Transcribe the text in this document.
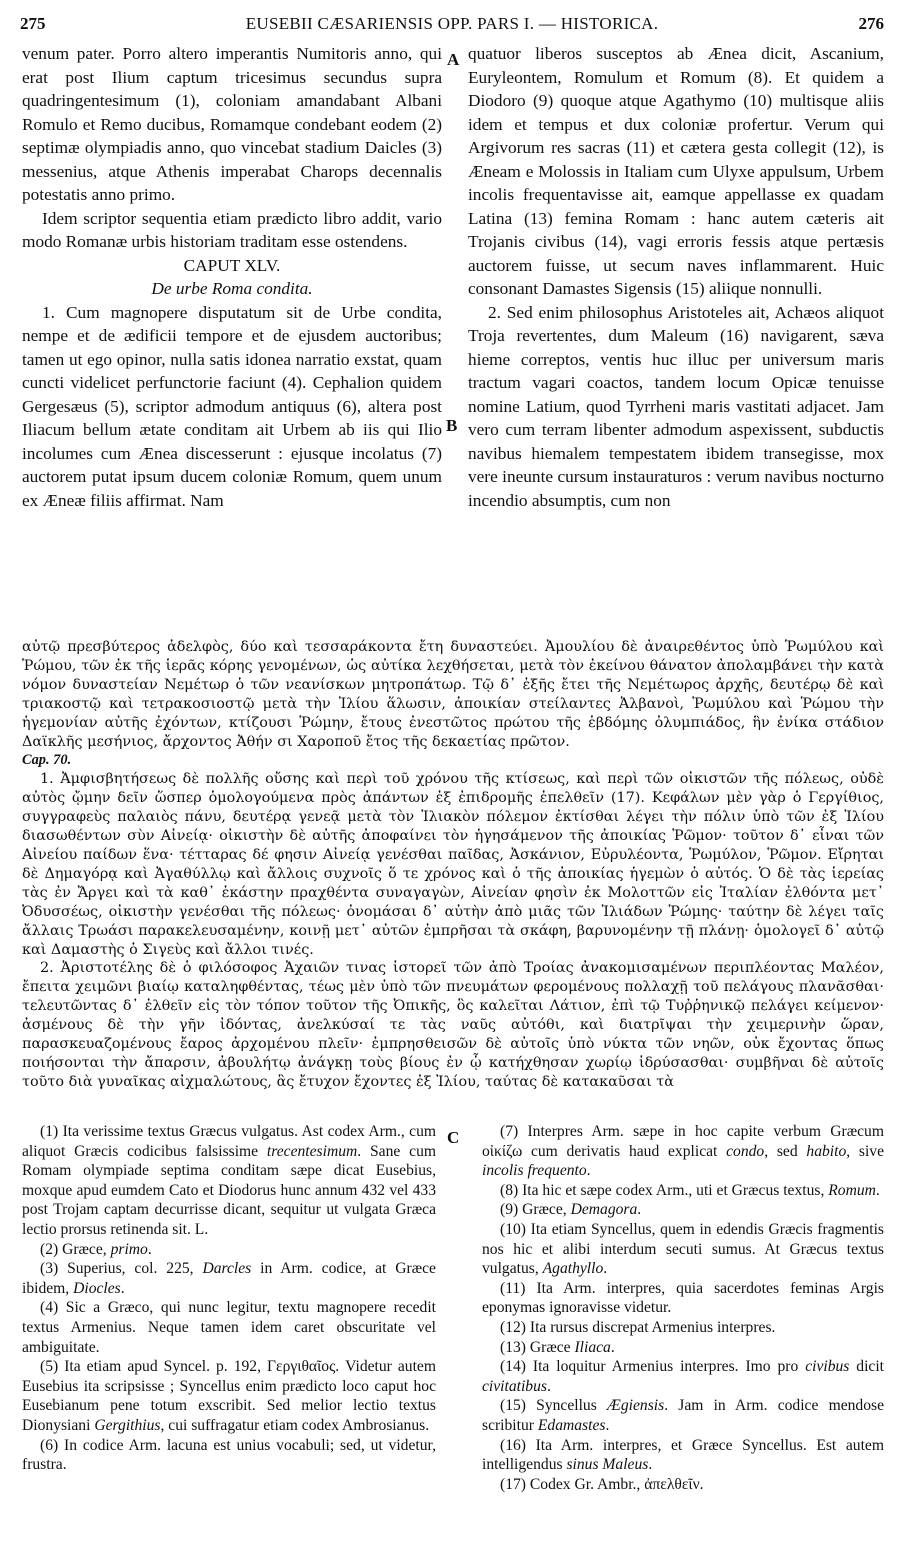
275	EUSEBII CÆSARIENSIS OPP. PARS I. — HISTORICA.	276
A
B
C

venum pater. Porro altero imperantis Numitoris anno, qui erat post Ilium captum tricesimus secundus supra quadringentesimum (1), coloniam amandabant Albani Romulo et Remo ducibus, Romamque condebant eodem (2) septimæ olympiadis anno, quo vincebat stadium Daicles (3) messenius, atque Athenis imperabat Charops decennalis potestatis anno primo.

Idem scriptor sequentia etiam prædicto libro addit, vario modo Romanæ urbis historiam traditam esse ostendens.

CAPUT XLV.

De urbe Roma condita.

1. Cum magnopere disputatum sit de Urbe condita, nempe et de ædificii tempore et de ejusdem auctoribus; tamen ut ego opinor, nulla satis idonea narratio exstat, quam cuncti videlicet perfunctorie faciunt (4). Cephalion quidem Gergesæus (5), scriptor admodum antiquus (6), altera post Iliacum bellum ætate conditam ait Urbem ab iis qui Ilio incolumes cum Ænea discesserunt : ejusque incolatus (7) auctorem putat ipsum ducem coloniæ Romum, quem unum ex Æneæ filiis affirmat. Nam

quatuor liberos susceptos ab Ænea dicit, Ascanium, Euryleontem, Romulum et Romum (8). Et quidem a Diodoro (9) quoque atque Agathymo (10) multisque aliis idem et tempus et dux coloniæ profertur. Verum qui Argivorum res sacras (11) et cætera gesta collegit (12), is Æneam e Molossis in Italiam cum Ulyxe appulsum, Urbem incolis frequentavisse ait, eamque appellasse ex quadam Latina (13) femina Romam : hanc autem cæteris ait Trojanis civibus (14), vagi erroris fessis atque pertæsis auctorem fuisse, ut secum naves inflammarent. Huic consonant Damastes Sigensis (15) aliique nonnulli.

2. Sed enim philosophus Aristoteles ait, Achæos aliquot Troja revertentes, dum Maleum (16) navigarent, sæva hieme correptos, ventis huc illuc per universum maris tractum vagari coactos, tandem locum Opicæ tenuisse nomine Latium, quod Tyrrheni maris vastitati adjacet. Jam vero cum terram libenter admodum aspexissent, subductis navibus hiemalem tempestatem ibidem transegisse, mox vere ineunte cursum instauraturos : verum navibus nocturno incendio absumptis, cum non

αὐτῷ πρεσβύτερος ἀδελφὸς, δύο καὶ τεσσαράκοντα ἔτη δυναστεύει. Ἀμουλίου δὲ ἀναιρεθέντος ὑπὸ Ῥωμύλου καὶ Ῥώμου, τῶν ἐκ τῆς ἱερᾶς κόρης γενομένων, ὡς αὐτίκα λεχθήσεται, μετὰ τὸν ἐκείνου θάνατον ἀπολαμβάνει τὴν κατὰ νόμον δυναστείαν Νεμέτωρ ὁ τῶν νεανίσκων μητροπάτωρ. Τῷ δ᾽ ἑξῆς ἔτει τῆς Νεμέτωρος ἀρχῆς, δευτέρῳ δὲ καὶ τριακοστῷ καὶ τετρακοσιοστῷ μετὰ τὴν Ἰλίου ἅλωσιν, ἀποικίαν στείλαντες Ἀλβανοὶ, Ῥωμύλου καὶ Ῥώμου τὴν ἡγεμονίαν αὐτῆς ἐχόντων, κτίζουσι Ῥώμην, ἔτους ἐνεστῶτος πρώτου τῆς ἑβδόμης ὀλυμπιάδος, ἣν ἐνίκα στάδιον Δαϊκλῆς μεσήνιος, ἄρχοντος Ἀθήν σι Χαροποῦ ἔτος τῆς δεκαετίας πρῶτον.

Cap. 70.

1. Ἀμφισβητήσεως δὲ πολλῆς οὔσης καὶ περὶ τοῦ χρόνου τῆς κτίσεως, καὶ περὶ τῶν οἰκιστῶν τῆς πόλεως, οὐδὲ αὐτὸς ᾤμην δεῖν ὥσπερ ὁμολογούμενα πρὸς ἁπάντων ἐξ ἐπιδρομῆς ἐπελθεῖν (17). Κεφάλων μὲν γὰρ ὁ Γεργίθιος, συγγραφεὺς παλαιὸς πάνυ, δευτέρᾳ γενεᾷ μετὰ τὸν Ἰλιακὸν πόλεμον ἐκτίσθαι λέγει τὴν πόλιν ὑπὸ τῶν ἐξ Ἰλίου διασωθέντων σὺν Αἰνείᾳ· οἰκιστὴν δὲ αὐτῆς ἀποφαίνει τὸν ἡγησάμενον τῆς ἀποικίας Ῥῶμον· τοῦτον δ᾽ εἶναι τῶν Αἰνείου παίδων ἕνα· τέτταρας δέ φησιν Αἰνείᾳ γενέσθαι παῖδας, Ἀσκάνιον, Εὐρυλέοντα, Ῥωμύλον, Ῥῶμον. Εἴρηται δὲ Δημαγόρᾳ καὶ Ἀγαθύλλῳ καὶ ἄλλοις συχνοῖς ὅ τε χρόνος καὶ ὁ τῆς ἀποικίας ἡγεμὼν ὁ αὐτός. Ὁ δὲ τὰς ἱερείας τὰς ἐν Ἄργει καὶ τὰ καθ᾽ ἑκάστην πραχθέντα συναγαγὼν, Αἰνείαν φησὶν ἐκ Μολοττῶν εἰς Ἰταλίαν ἐλθόντα μετ᾽ Ὀδυσσέως, οἰκιστὴν γενέσθαι τῆς πόλεως· ὀνομάσαι δ᾽ αὐτὴν ἀπὸ μιᾶς τῶν Ἰλιάδων Ῥώμης· ταύτην δὲ λέγει ταῖς ἄλλαις Τρωάσι παρακελευσαμένην, κοινῇ μετ᾽ αὐτῶν ἐμπρῆσαι τὰ σκάφη, βαρυνομένην τῇ πλάνῃ· ὁμολογεῖ δ᾽ αὐτῷ καὶ Δαμαστὴς ὁ Σιγεὺς καὶ ἄλλοι τινές.

2. Ἀριστοτέλης δὲ ὁ φιλόσοφος Ἀχαιῶν τινας ἱστορεῖ τῶν ἀπὸ Τροίας ἀνακομισαμένων περιπλέοντας Μαλέον, ἔπειτα χειμῶνι βιαίῳ καταληφθέντας, τέως μὲν ὑπὸ τῶν πνευμάτων φερομένους πολλαχῇ τοῦ πελάγους πλανᾶσθαι· τελευτῶντας δ᾽ ἐλθεῖν εἰς τὸν τόπον τοῦτον τῆς Ὀπικῆς, ὃς καλεῖται Λάτιον, ἐπὶ τῷ Τυῤῥηνικῷ πελάγει κείμενον· ἀσμένους δὲ τὴν γῆν ἰδόντας, ἀνελκύσαί τε τὰς ναῦς αὐτόθι, καὶ διατρῖψαι τὴν χειμερινὴν ὥραν, παρασκευαζομένους ἔαρος ἀρχομένου πλεῖν· ἐμπρησθεισῶν δὲ αὐτοῖς ὑπὸ νύκτα τῶν νηῶν, οὐκ ἔχοντας ὅπως ποιήσονται τὴν ἄπαρσιν, ἀβουλήτῳ ἀνάγκῃ τοὺς βίους ἐν ᾧ κατήχθησαν χωρίῳ ἱδρύσασθαι· συμβῆναι δὲ αὐτοῖς τοῦτο διὰ γυναῖκας αἰχμαλώτους, ἃς ἔτυχον ἔχοντες ἐξ Ἰλίου, ταύτας δὲ κατακαῦσαι τὰ

(1) Ita verissime textus Græcus vulgatus. Ast codex Arm., cum aliquot Græcis codicibus falsissime trecentesimum. Sane cum Romam olympiade septima conditam sæpe dicat Eusebius, moxque apud eumdem Cato et Diodorus hunc annum 432 vel 433 post Trojam captam decurrisse dicant, sequitur ut vulgata Græca lectio prorsus retinenda sit. L.

(2) Græce, primo.

(3) Superius, col. 225, Darcles in Arm. codice, at Græce ibidem, Diocles.

(4) Sic a Græco, qui nunc legitur, textu magnopere recedit textus Armenius. Neque tamen idem caret obscuritate vel ambiguitate.

(5) Ita etiam apud Syncel. p. 192, Γεργιθαῖος. Videtur autem Eusebius ita scripsisse ; Syncellus enim prædicto loco caput hoc Eusebianum pene totum exscribit. Sed melior lectio textus Dionysiani Gergithius, cui suffragatur etiam codex Ambrosianus.

(6) In codice Arm. lacuna est unius vocabuli; sed, ut videtur, frustra.

(7) Interpres Arm. sæpe in hoc capite verbum Græcum οἰκίζω cum derivatis haud explicat condo, sed habito, sive incolis frequento.

(8) Ita hic et sæpe codex Arm., uti et Græcus textus, Romum.

(9) Græce, Demagora.

(10) Ita etiam Syncellus, quem in edendis Græcis fragmentis nos hic et alibi interdum secuti sumus. At Græcus textus vulgatus, Agathyllo.

(11) Ita Arm. interpres, quia sacerdotes feminas Argis eponymas ignoravisse videtur.

(12) Ita rursus discrepat Armenius interpres.

(13) Græce Iliaca.

(14) Ita loquitur Armenius interpres. Imo pro civibus dicit civitatibus.

(15) Syncellus Ægiensis. Jam in Arm. codice mendose scribitur Edamastes.

(16) Ita Arm. interpres, et Græce Syncellus. Est autem intelligendus sinus Maleus.

(17) Codex Gr. Ambr., ἀπελθεῖν.
